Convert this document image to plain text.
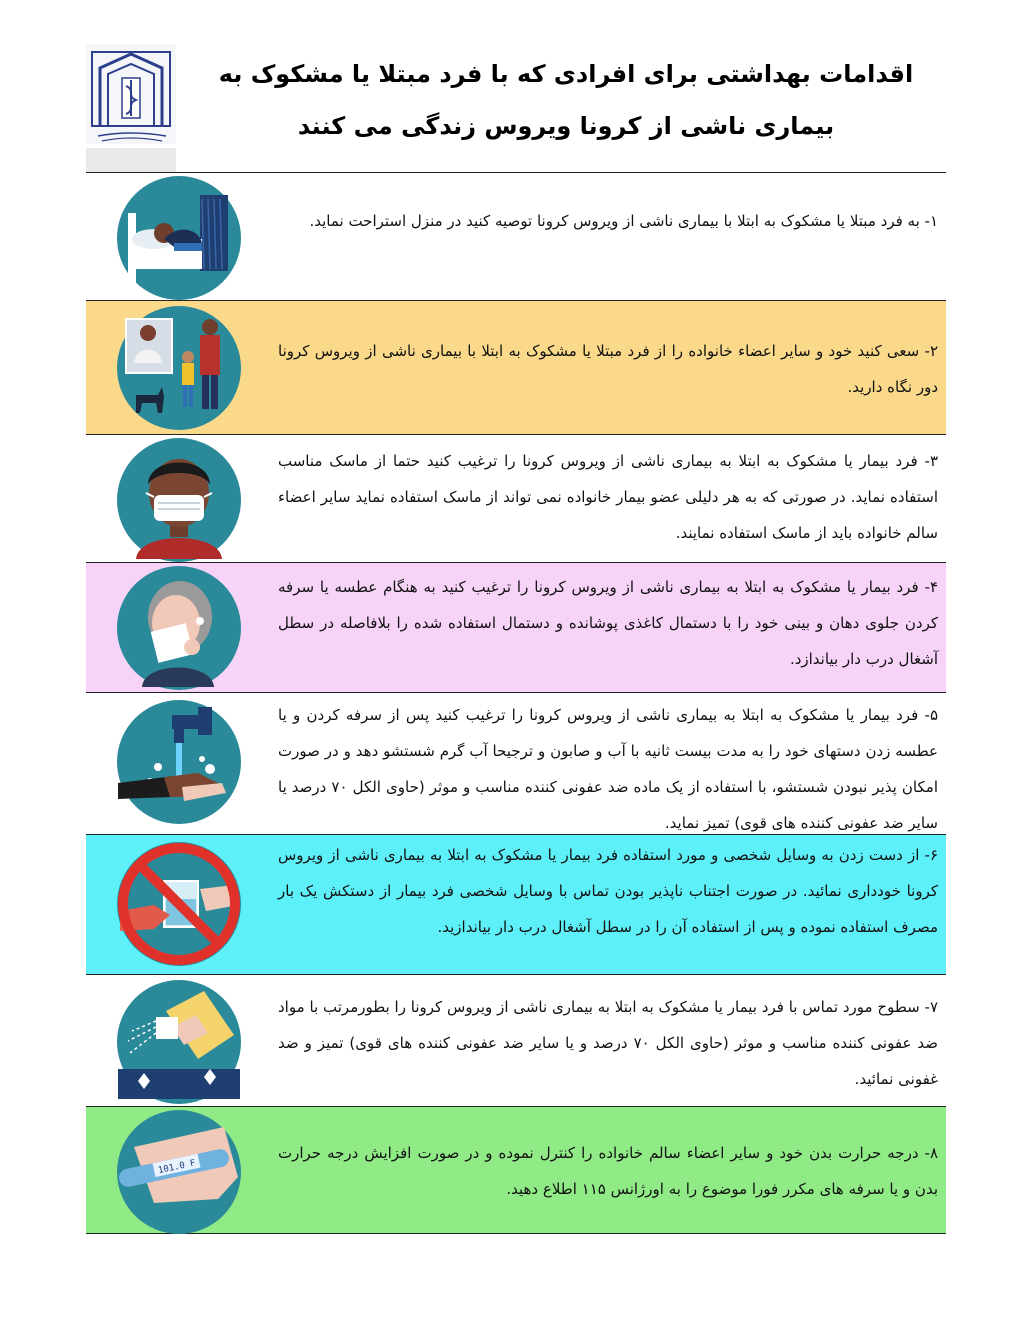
اقدامات بهداشتی برای افرادی که با فرد مبتلا یا مشکوک به بیماری ناشی از کرونا ویروس زندگی می کنند
۱- به فرد مبتلا یا مشکوک به ابتلا با بیماری ناشی از ویروس کرونا توصیه کنید در منزل استراحت نماید.
۲- سعی کنید خود و سایر اعضاء خانواده را از فرد مبتلا یا مشکوک به ابتلا با بیماری ناشی از ویروس کرونا دور نگاه دارید.
۳- فرد بیمار یا مشکوک به ابتلا به بیماری ناشی از ویروس کرونا را ترغیب کنید حتما از ماسک مناسب استفاده نماید. در صورتی که به هر دلیلی عضو بیمار خانواده نمی تواند از ماسک استفاده نماید سایر اعضاء سالم خانواده باید از ماسک استفاده نمایند.
۴- فرد بیمار یا مشکوک به ابتلا به بیماری ناشی از ویروس کرونا را ترغیب کنید به هنگام عطسه یا سرفه کردن جلوی دهان و بینی خود را با دستمال کاغذی پوشانده و دستمال استفاده شده را بلافاصله در سطل آشغال درب دار بیاندازد.
۵- فرد بیمار یا مشکوک به ابتلا به بیماری ناشی از ویروس کرونا را ترغیب کنید پس از سرفه کردن و یا عطسه زدن دستهای خود را به مدت بیست ثانیه با آب و صابون و ترجیحا آب گرم شستشو دهد و در صورت امکان پذیر نبودن شستشو، با استفاده از یک ماده ضد عفونی کننده مناسب و موثر (حاوی الکل ۷۰ درصد یا سایر ضد عفونی کننده های قوی) تمیز نماید.
۶- از دست زدن به وسایل شخصی و مورد استفاده فرد بیمار یا مشکوک به ابتلا به بیماری ناشی از ویروس کرونا خودداری نمائید. در صورت اجتناب ناپذیر بودن تماس با وسایل شخصی فرد بیمار از دستکش یک بار مصرف استفاده نموده و پس از استفاده آن را در سطل آشغال درب دار بیاندازید.
۷- سطوح مورد تماس با فرد بیمار یا مشکوک به ابتلا به بیماری ناشی از ویروس کرونا را بطورمرتب با مواد ضد عفونی کننده مناسب و موثر (حاوی الکل ۷۰ درصد و یا سایر ضد عفونی کننده های قوی) تمیز و ضد غفونی نمائید.
101.0 F
۸- درجه حرارت بدن خود و سایر اعضاء سالم خانواده را کنترل نموده و در صورت افزایش درجه حرارت بدن و یا سرفه های مکرر فورا موضوع را به اورژانس ۱۱۵ اطلاع دهید.
